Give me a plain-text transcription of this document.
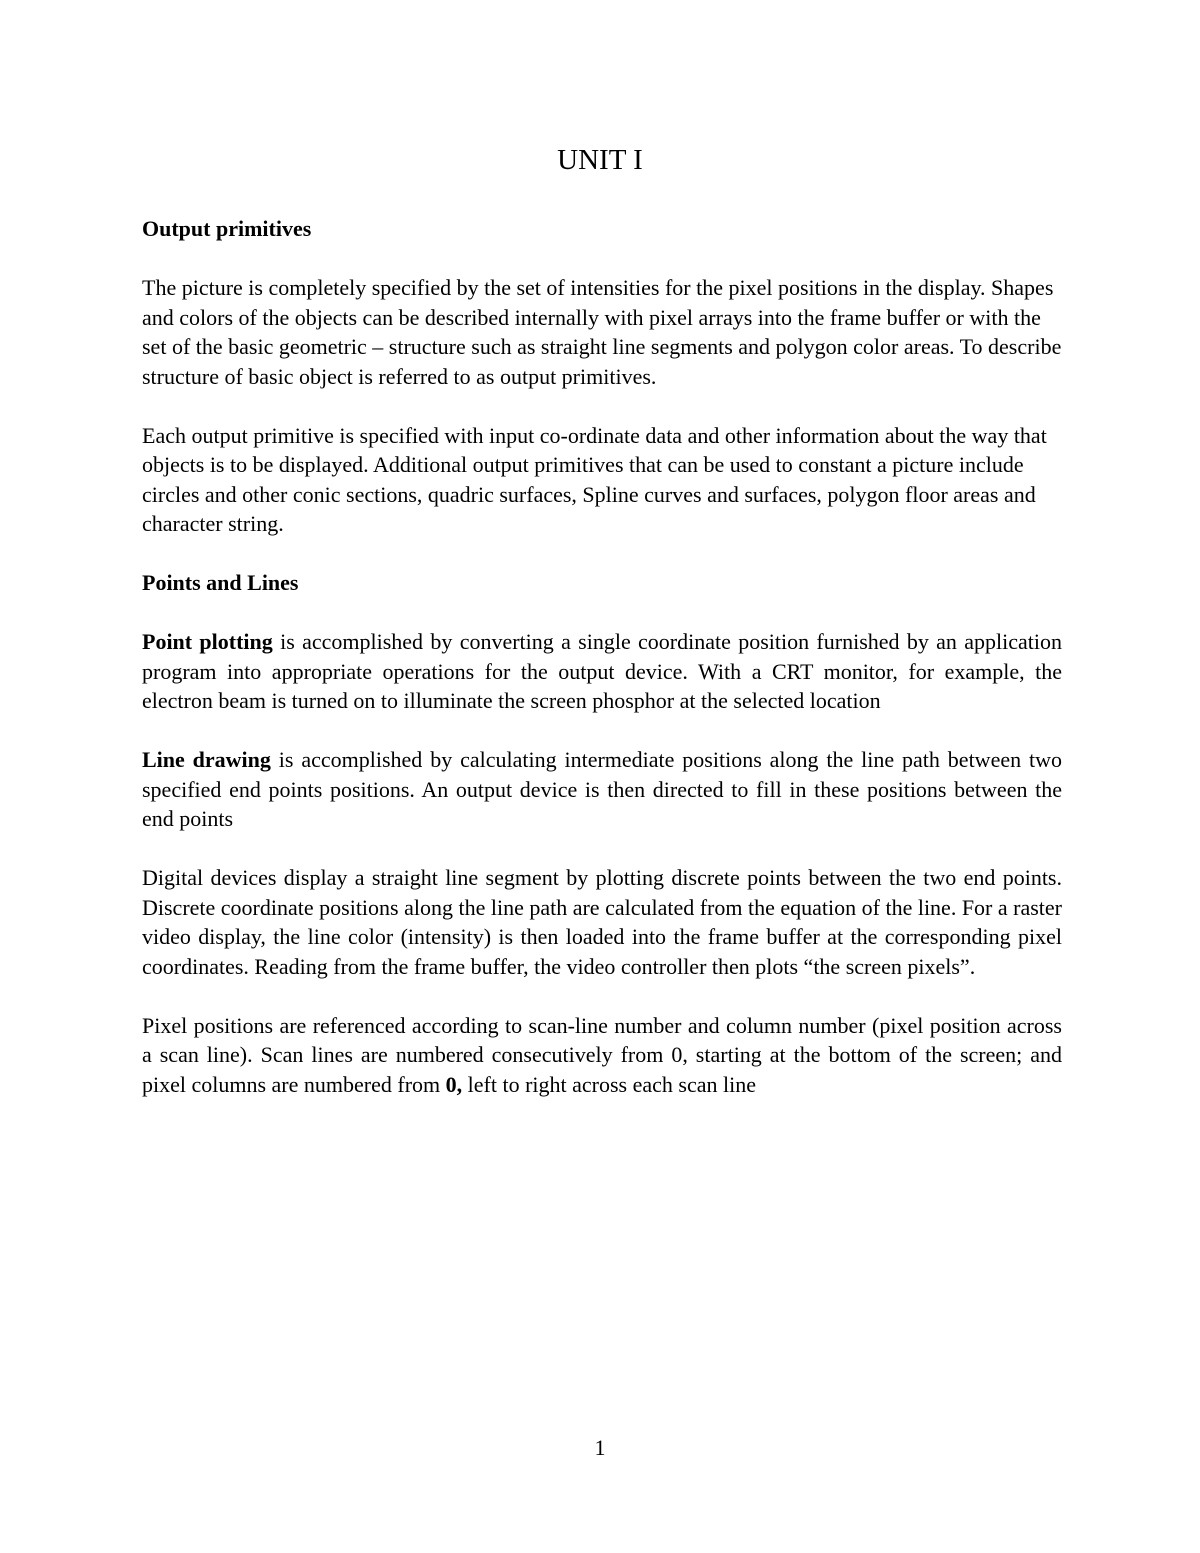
UNIT I
Output primitives

The picture is completely specified by the set of intensities for the pixel positions in the display. Shapes and colors of the objects can be described internally with pixel arrays into the frame buffer or with the set of the basic geometric – structure such as straight line segments and polygon color areas. To describe structure of basic object is referred to as output primitives.

Each output primitive is specified with input co-ordinate data and other information about the way that objects is to be displayed. Additional output primitives that can be used to constant a picture include circles and other conic sections, quadric surfaces, Spline curves and surfaces, polygon floor areas and character string.

Points and Lines

Point plotting is accomplished by converting a single coordinate position furnished by an application program into appropriate operations for the output device. With a CRT monitor, for example, the electron beam is turned on to illuminate the screen phosphor at the selected location

Line drawing is accomplished by calculating intermediate positions along the line path between two specified end points positions. An output device is then directed to fill in these positions between the end points

Digital devices display a straight line segment by plotting discrete points between the two end points. Discrete coordinate positions along the line path are calculated from the equation of the line. For a raster video display, the line color (intensity) is then loaded into the frame buffer at the corresponding pixel coordinates. Reading from the frame buffer, the video controller then plots “the screen pixels”.

Pixel positions are referenced according to scan-line number and column number (pixel position across a scan line). Scan lines are numbered consecutively from 0, starting at the bottom of the screen; and pixel columns are numbered from 0, left to right across each scan line

1
